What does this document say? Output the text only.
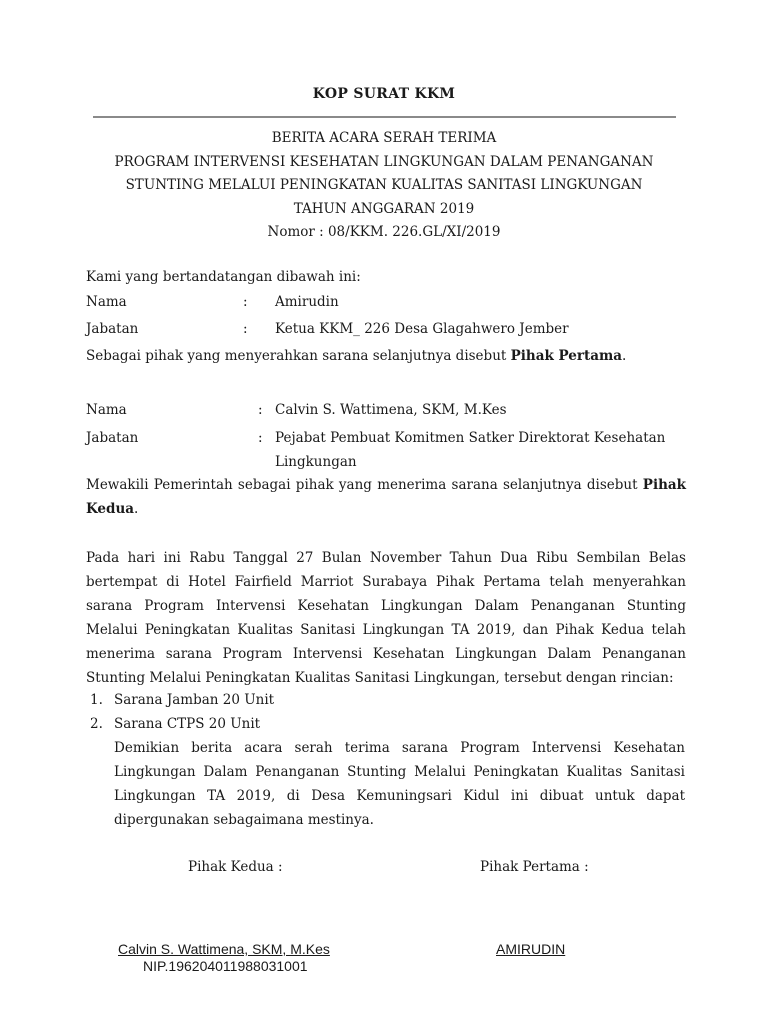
KOP SURAT KKM
BERITA ACARA SERAH TERIMA
PROGRAM INTERVENSI KESEHATAN LINGKUNGAN DALAM PENANGANAN
STUNTING MELALUI PENINGKATAN KUALITAS SANITASI LINGKUNGAN
TAHUN ANGGARAN 2019
Nomor : 08/KKM. 226.GL/XI/2019
Kami yang bertandatangan dibawah ini:
Nama	: Amirudin
Jabatan	: Ketua KKM_ 226 Desa Glagahwero Jember
Sebagai pihak yang menyerahkan sarana selanjutnya disebut Pihak Pertama.
Nama	: Calvin S. Wattimena, SKM, M.Kes
Jabatan	: Pejabat Pembuat Komitmen Satker Direktorat Kesehatan Lingkungan
Mewakili Pemerintah sebagai pihak yang menerima sarana selanjutnya disebut Pihak Kedua.
Pada hari ini Rabu Tanggal 27 Bulan November Tahun Dua Ribu Sembilan Belas bertempat di Hotel Fairfield Marriot Surabaya Pihak Pertama telah menyerahkan sarana Program Intervensi Kesehatan Lingkungan Dalam Penanganan Stunting Melalui Peningkatan Kualitas Sanitasi Lingkungan TA 2019, dan Pihak Kedua telah menerima sarana Program Intervensi Kesehatan Lingkungan Dalam Penanganan Stunting Melalui Peningkatan Kualitas Sanitasi Lingkungan, tersebut dengan rincian:
1. Sarana Jamban 20 Unit
2. Sarana CTPS 20 Unit
Demikian berita acara serah terima sarana Program Intervensi Kesehatan Lingkungan Dalam Penanganan Stunting Melalui Peningkatan Kualitas Sanitasi Lingkungan TA 2019, di Desa Kemuningsari Kidul ini dibuat untuk dapat dipergunakan sebagaimana mestinya.
Pihak Kedua :	Pihak Pertama :
Calvin S. Wattimena, SKM, M.Kes
NIP.196204011988031001
AMIRUDIN
